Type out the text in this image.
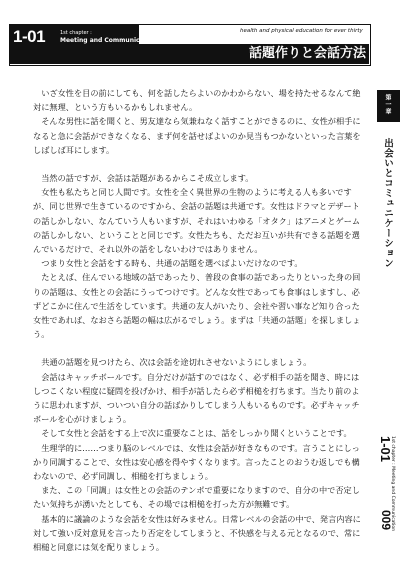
1-01	1st chapter :
Meeting and Communication
health and physical education for ever thirty
話題作りと会話方法

　いざ女性を目の前にしても、何を話したらよいのかわからない、場を持たせるなんて絶対に無理、という方もいるかもしれません。

　そんな男性に話を聞くと、男友達なら気兼ねなく話すことができるのに、女性が相手になると急に会話ができなくなる、まず何を話せばよいのか見当もつかないといった言葉をしばしば耳にします。

　当然の話ですが、会話は話題があるからこそ成立します。

　女性も私たちと同じ人間です。女性を全く異世界の生物のように考える人も多いですが、同じ世界で生きているのですから、会話の話題は共通です。女性はドラマとデザートの話しかしない、なんていう人もいますが、それはいわゆる「オタク」はアニメとゲームの話しかしない、ということと同じです。女性たちも、ただお互いが共有できる話題を選んでいるだけで、それ以外の話をしないわけではありません。

　つまり女性と会話をする時も、共通の話題を選べばよいだけなのです。

　たとえば、住んでいる地域の話であったり、普段の食事の話であったりといった身の回りの話題は、女性との会話にうってつけです。どんな女性であっても食事はしますし、必ずどこかに住んで生活をしています。共通の友人がいたり、会社や習い事など知り合った女性であれば、なおさら話題の幅は広がるでしょう。まずは「共通の話題」を探しましょう。

　共通の話題を見つけたら、次は会話を途切れさせないようにしましょう。

　会話はキャッチボールです。自分だけが話すのではなく、必ず相手の話を聞き、時にはしつこくない程度に疑問を投げかけ、相手が話したら必ず相槌を打ちます。当たり前のように思われますが、ついつい自分の話ばかりしてしまう人もいるものです。必ずキャッチボールを心がけましょう。

　そして女性と会話をする上で次に重要なことは、話をしっかり聞くということです。

　生理学的に……つまり脳のレベルでは、女性は会話が好きなものです。言うことにしっかり同調することで、女性は安心感を得やすくなります。言ったことのおうむ返しでも構わないので、必ず同調し、相槌を打ちましょう。

　また、この「同調」は女性との会話のテンポで重要になりますので、自分の中で否定したい気持ちが湧いたとしても、その場では相槌を打った方が無難です。

　基本的に議論のような会話を女性は好みません。日常レベルの会話の中で、発言内容に対して強い反対意見を言ったり否定をしてしまうと、不快感を与える元となるので、常に相槌と同意には気を配りましょう。

第一章
出会いとコミュニケーション
1-01
1st chapter : Meeting and Communication
009
